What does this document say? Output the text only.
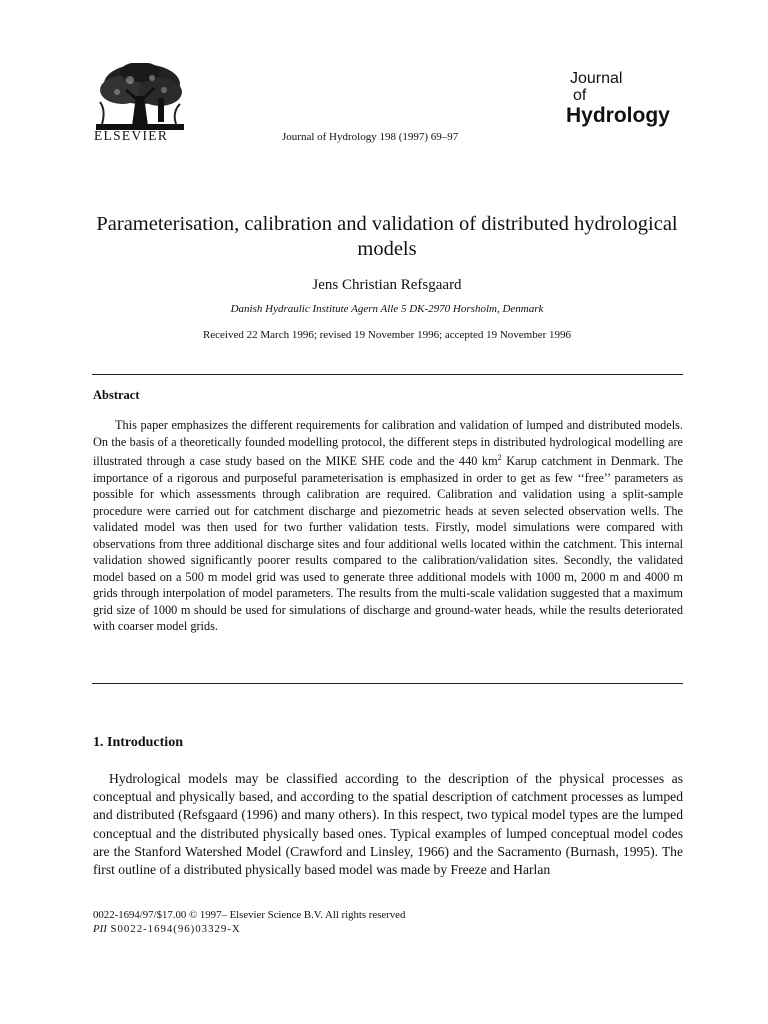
ELSEVIER	Journal of Hydrology 198 (1997) 69–97
Journal
of
Hydrology
Parameterisation, calibration and validation of distributed hydrological models
Jens Christian Refsgaard
Danish Hydraulic Institute Agern Alle 5 DK-2970 Horsholm, Denmark
Received 22 March 1996; revised 19 November 1996; accepted 19 November 1996
Abstract

This paper emphasizes the different requirements for calibration and validation of lumped and distributed models. On the basis of a theoretically founded modelling protocol, the different steps in distributed hydrological modelling are illustrated through a case study based on the MIKE SHE code and the 440 $km^2$ Karup catchment in Denmark. The importance of a rigorous and purposeful parameterisation is emphasized in order to get as few ‘‘free’’ parameters as possible for which assessments through calibration are required. Calibration and validation using a split-sample procedure were carried out for catchment discharge and piezometric heads at seven selected observation wells. The validated model was then used for two further validation tests. Firstly, model simulations were compared with observations from three additional discharge sites and four additional wells located within the catchment. This internal validation showed significantly poorer results compared to the calibration/validation sites. Secondly, the validated model based on a 500 m model grid was used to generate three additional models with 1000 m, 2000 m and 4000 m grids through interpolation of model parameters. The results from the multi-scale validation suggested that a maximum grid size of 1000 m should be used for simulations of discharge and ground-water heads, while the results deteriorated with coarser model grids.

1. Introduction

Hydrological models may be classified according to the description of the physical processes as conceptual and physically based, and according to the spatial description of catchment processes as lumped and distributed (Refsgaard (1996) and many others). In this respect, two typical model types are the lumped conceptual and the distributed physically based ones. Typical examples of lumped conceptual model codes are the Stanford Watershed Model (Crawford and Linsley, 1966) and the Sacramento (Burnash, 1995). The first outline of a distributed physically based model was made by Freeze and Harlan

0022-1694/97/$17.00 © 1997– Elsevier Science B.V. All rights reserved
PII S0022-1694(96)03329-X
